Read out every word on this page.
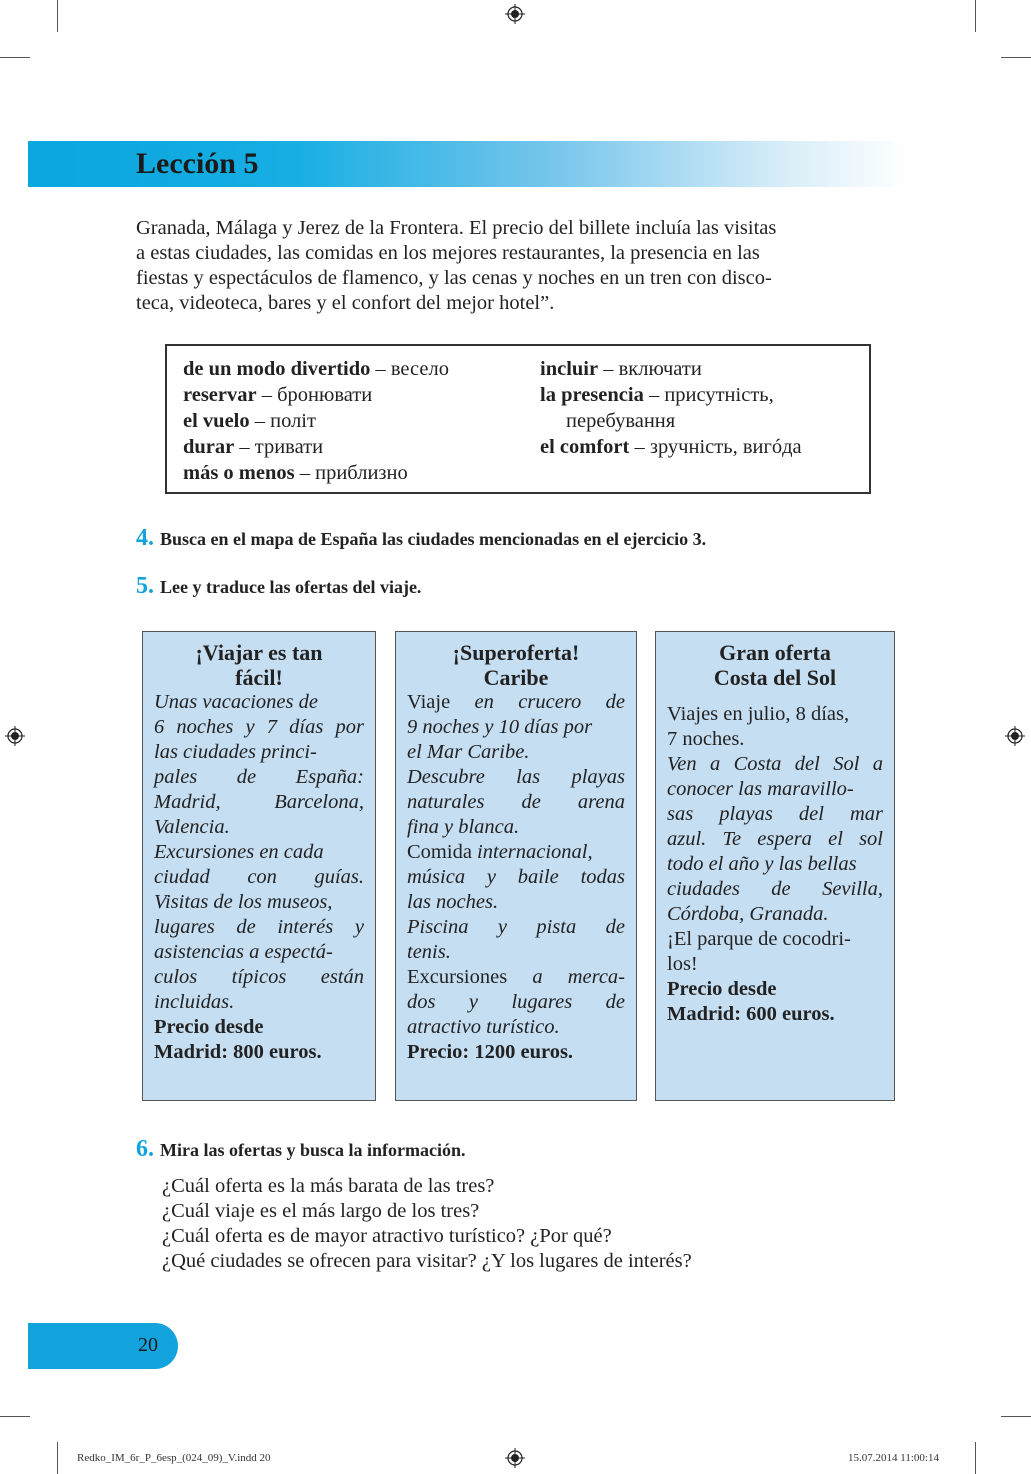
Lección 5
Granada, Málaga y Jerez de la Frontera. El precio del billete incluía las visitas
a estas ciudades, las comidas en los mejores restaurantes, la presencia en las
fiestas y espectáculos de flamenco, y las cenas y noches en un tren con disco-
teca, videoteca, bares y el confort del mejor hotel”.
de un modo divertido – весело
reservar – бронювати
el vuelo – політ
durar – тривати
más o menos – приблизно
incluir – включати
la presencia – присутність,
перебування
el comfort – зручність, вигóда
4. Busca en el mapa de España las ciudades mencionadas en el ejercicio 3.
5. Lee y traduce las ofertas del viaje.
¡Viajar es tan
fácil!
Unas vacaciones de
6 noches y 7 días por
las ciudades princi-
pales de España:
Madrid, Barcelona,
Valencia.
Excursiones en cada
ciudad con guías.
Visitas de los museos,
lugares de interés y
asistencias a espectá-
culos típicos están
incluidas.
Precio desde
Madrid: 800 euros.
¡Superoferta!
Caribe
Viaje en crucero de
9 noches y 10 días por
el Mar Caribe.
Descubre las playas
naturales de arena
fina y blanca.
Comida internacional,
música y baile todas
las noches.
Piscina y pista de
tenis.
Excursiones a merca-
dos y lugares de
atractivo turístico.
Precio: 1200 euros.
Gran oferta
Costa del Sol
Viajes en julio, 8 días,
7 noches.
Ven a Costa del Sol a
conocer las maravillo-
sas playas del mar
azul. Te espera el sol
todo el año y las bellas
ciudades de Sevilla,
Córdoba, Granada.
¡El parque de cocodri-
los!
Precio desde
Madrid: 600 euros.
6. Mira las ofertas y busca la información.
¿Cuál oferta es la más barata de las tres?
¿Cuál viaje es el más largo de los tres?
¿Cuál oferta es de mayor atractivo turístico? ¿Por qué?
¿Qué ciudades se ofrecen para visitar? ¿Y los lugares de interés?
20
Redko_IM_6r_P_6esp_(024_09)_V.indd 20	15.07.2014 11:00:14
